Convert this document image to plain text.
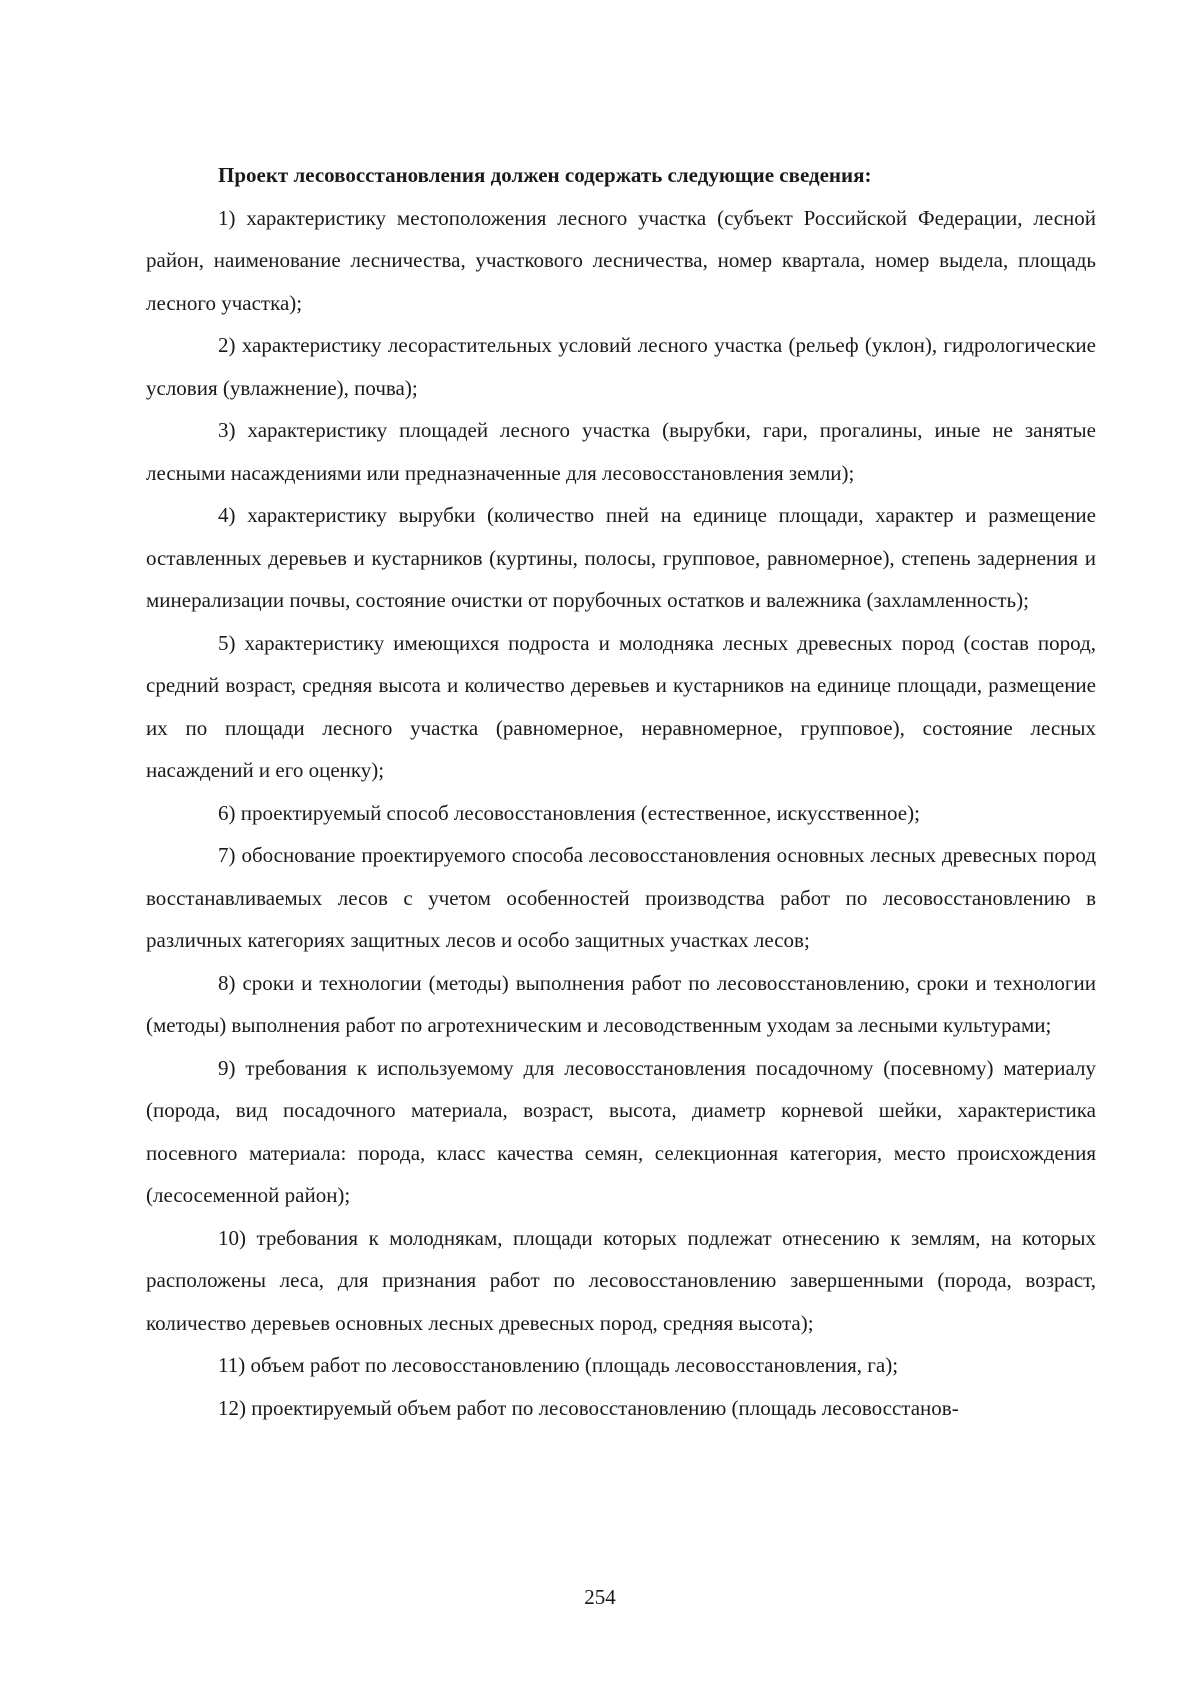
Проект лесовосстановления должен содержать следующие сведения:

1) характеристику местоположения лесного участка (субъект Российской Федерации, лесной район, наименование лесничества, участкового лесничества, номер квартала, номер выдела, площадь лесного участка);

2) характеристику лесорастительных условий лесного участка (рельеф (уклон), гидрологические условия (увлажнение), почва);

3) характеристику площадей лесного участка (вырубки, гари, прогалины, иные не занятые лесными насаждениями или предназначенные для лесовосстановления земли);

4) характеристику вырубки (количество пней на единице площади, характер и размещение оставленных деревьев и кустарников (куртины, полосы, групповое, равномерное), степень задернения и минерализации почвы, состояние очистки от порубочных остатков и валежника (захламленность);

5) характеристику имеющихся подроста и молодняка лесных древесных пород (состав пород, средний возраст, средняя высота и количество деревьев и кустарников на единице площади, размещение их по площади лесного участка (равномерное, неравномерное, групповое), состояние лесных насаждений и его оценку);

6) проектируемый способ лесовосстановления (естественное, искусственное);

7) обоснование проектируемого способа лесовосстановления основных лесных древесных пород восстанавливаемых лесов с учетом особенностей производства работ по лесовосстановлению в различных категориях защитных лесов и особо защитных участках лесов;

8) сроки и технологии (методы) выполнения работ по лесовосстановлению, сроки и технологии (методы) выполнения работ по агротехническим и лесоводственным уходам за лесными культурами;

9) требования к используемому для лесовосстановления посадочному (посевному) материалу (порода, вид посадочного материала, возраст, высота, диаметр корневой шейки, характеристика посевного материала: порода, класс качества семян, селекционная категория, место происхождения (лесосеменной район);

10) требования к молоднякам, площади которых подлежат отнесению к землям, на которых расположены леса, для признания работ по лесовосстановлению завершенными (порода, возраст, количество деревьев основных лесных древесных пород, средняя высота);

11) объем работ по лесовосстановлению (площадь лесовосстановления, га);

12) проектируемый объем работ по лесовосстановлению (площадь лесовосстанов-

254
